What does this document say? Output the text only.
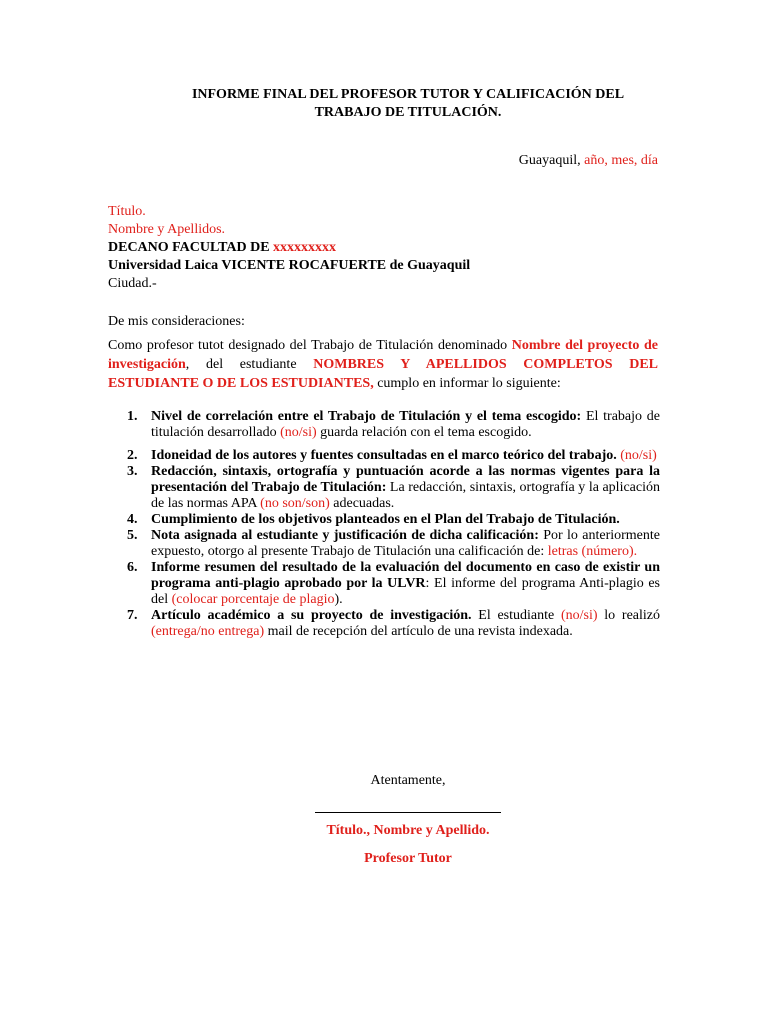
INFORME FINAL DEL PROFESOR TUTOR Y CALIFICACIÓN DEL
TRABAJO DE TITULACIÓN.
Guayaquil, año, mes, día
Título.
Nombre y Apellidos.
DECANO FACULTAD DE xxxxxxxxx
Universidad Laica VICENTE ROCAFUERTE de Guayaquil
Ciudad.-
De mis consideraciones:
Como profesor tutot designado del Trabajo de Titulación denominado Nombre del proyecto de investigación, del estudiante NOMBRES Y APELLIDOS COMPLETOS DEL ESTUDIANTE O DE LOS ESTUDIANTES, cumplo en informar lo siguiente:
1. Nivel de correlación entre el Trabajo de Titulación y el tema escogido: El trabajo de titulación desarrollado (no/si) guarda relación con el tema escogido.
2. Idoneidad de los autores y fuentes consultadas en el marco teórico del trabajo. (no/si)
3. Redacción, sintaxis, ortografía y puntuación acorde a las normas vigentes para la presentación del Trabajo de Titulación: La redacción, sintaxis, ortografía y la aplicación de las normas APA (no son/son) adecuadas.
4. Cumplimiento de los objetivos planteados en el Plan del Trabajo de Titulación.
5. Nota asignada al estudiante y justificación de dicha calificación: Por lo anteriormente expuesto, otorgo al presente Trabajo de Titulación una calificación de: letras (número).
6. Informe resumen del resultado de la evaluación del documento en caso de existir un programa anti-plagio aprobado por la ULVR: El informe del programa Anti-plagio es del (colocar porcentaje de plagio).
7. Artículo académico a su proyecto de investigación. El estudiante (no/si) lo realizó (entrega/no entrega) mail de recepción del artículo de una revista indexada.
Atentamente,
Título., Nombre y Apellido.
Profesor Tutor
